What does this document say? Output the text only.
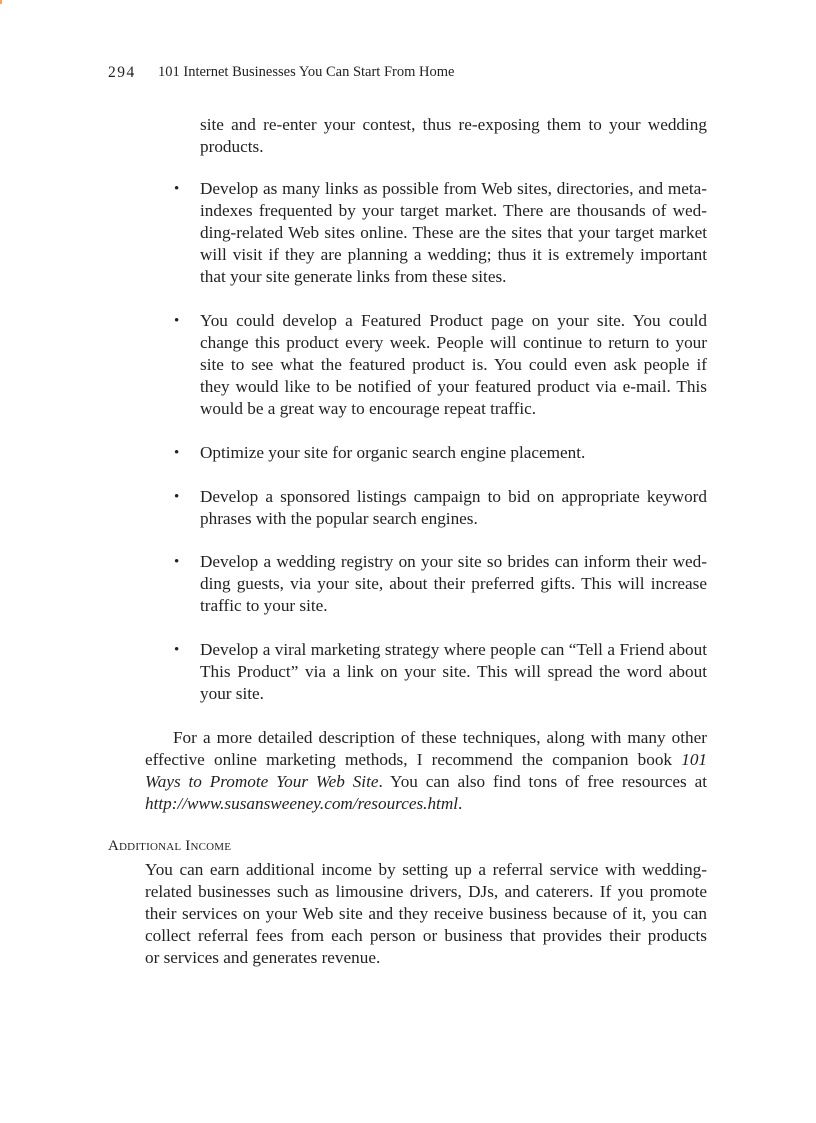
294 101 Internet Businesses You Can Start From Home
site and re-enter your contest, thus re-exposing them to your wedding
products.
• Develop as many links as possible from Web sites, directories, and meta-
indexes frequented by your target market. There are thousands of wed-
ding-related Web sites online. These are the sites that your target market
will visit if they are planning a wedding; thus it is extremely important
that your site generate links from these sites.
• You could develop a Featured Product page on your site. You could
change this product every week. People will continue to return to your
site to see what the featured product is. You could even ask people if
they would like to be notified of your featured product via e-mail. This
would be a great way to encourage repeat traffic.
• Optimize your site for organic search engine placement.
• Develop a sponsored listings campaign to bid on appropriate keyword
phrases with the popular search engines.
• Develop a wedding registry on your site so brides can inform their wed-
ding guests, via your site, about their preferred gifts. This will increase
traffic to your site.
• Develop a viral marketing strategy where people can “Tell a Friend about
This Product” via a link on your site. This will spread the word about
your site.
For a more detailed description of these techniques, along with many other
effective online marketing methods, I recommend the companion book 101
Ways to Promote Your Web Site. You can also find tons of free resources at
http://www.susansweeney.com/resources.html.
Additional Income
You can earn additional income by setting up a referral service with wedding-
related businesses such as limousine drivers, DJs, and caterers. If you promote
their services on your Web site and they receive business because of it, you can
collect referral fees from each person or business that provides their products
or services and generates revenue.
